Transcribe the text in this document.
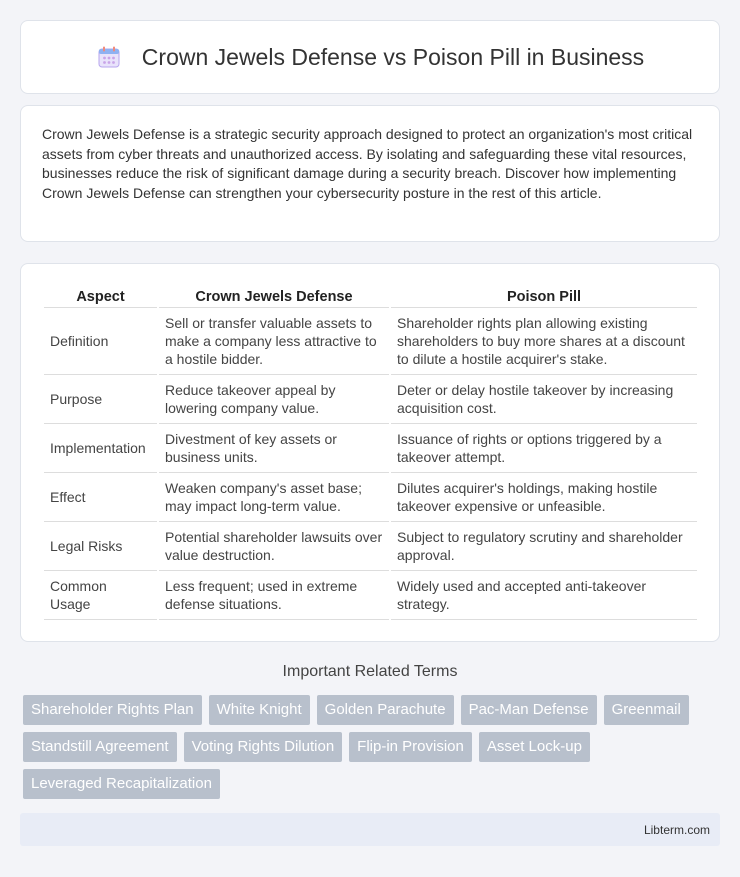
Crown Jewels Defense vs Poison Pill in Business

Crown Jewels Defense is a strategic security approach designed to protect an organization's most critical assets from cyber threats and unauthorized access. By isolating and safeguarding these vital resources, businesses reduce the risk of significant damage during a security breach. Discover how implementing Crown Jewels Defense can strengthen your cybersecurity posture in the rest of this article.

Aspect	Crown Jewels Defense	Poison Pill
Definition	Sell or transfer valuable assets to make a company less attractive to a hostile bidder.	Shareholder rights plan allowing existing shareholders to buy more shares at a discount to dilute a hostile acquirer's stake.
Purpose	Reduce takeover appeal by lowering company value.	Deter or delay hostile takeover by increasing acquisition cost.
Implementation	Divestment of key assets or business units.	Issuance of rights or options triggered by a takeover attempt.
Effect	Weaken company's asset base; may impact long-term value.	Dilutes acquirer's holdings, making hostile takeover expensive or unfeasible.
Legal Risks	Potential shareholder lawsuits over value destruction.	Subject to regulatory scrutiny and shareholder approval.
Common Usage	Less frequent; used in extreme defense situations.	Widely used and accepted anti-takeover strategy.
Important Related Terms
Shareholder Rights Plan	White Knight	Golden Parachute	Pac-Man Defense	Greenmail
Standstill Agreement	Voting Rights Dilution	Flip-in Provision	Asset Lock-up
Leveraged Recapitalization
Libterm.com
